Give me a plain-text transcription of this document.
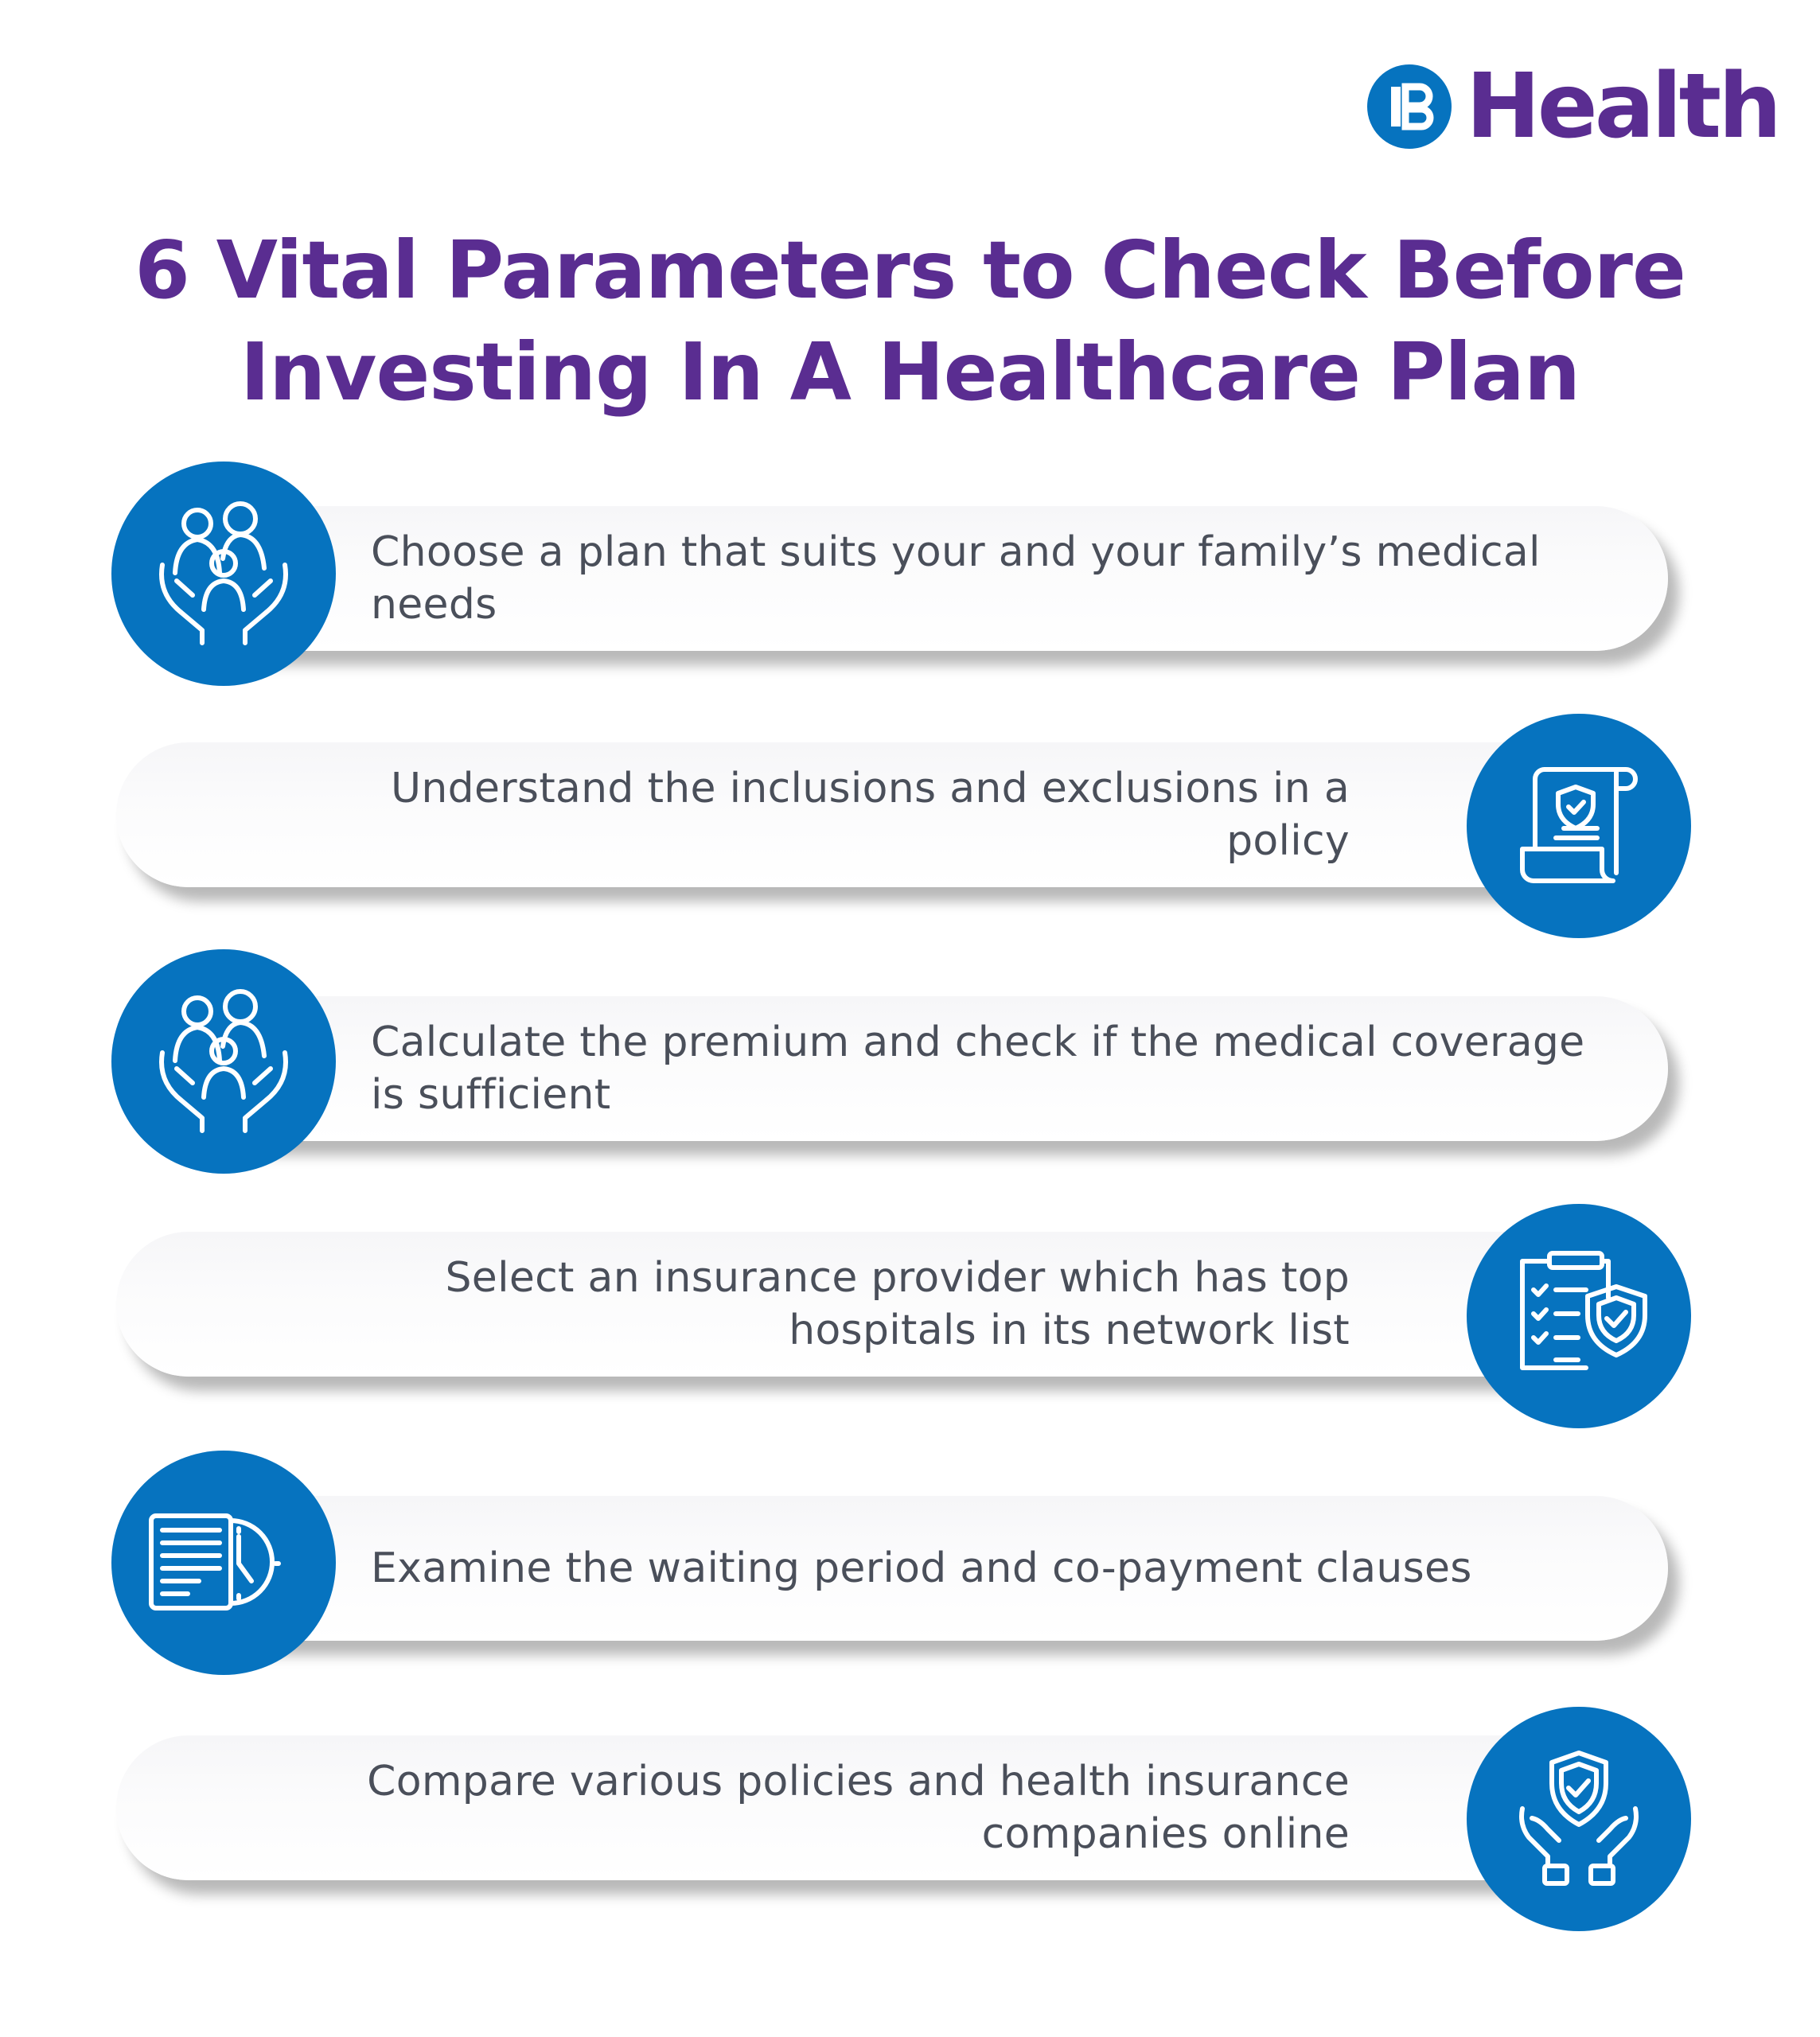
Health
6 Vital Parameters to Check Before
Investing In A Healthcare Plan
Choose a plan that suits your and your family’s medical needs
Understand the inclusions and exclusions in a policy
Calculate the premium and check if the medical coverage is sufficient
Select an insurance provider which has top hospitals in its network list
Examine the waiting period and co-payment clauses
Compare various policies and health insurance companies online
